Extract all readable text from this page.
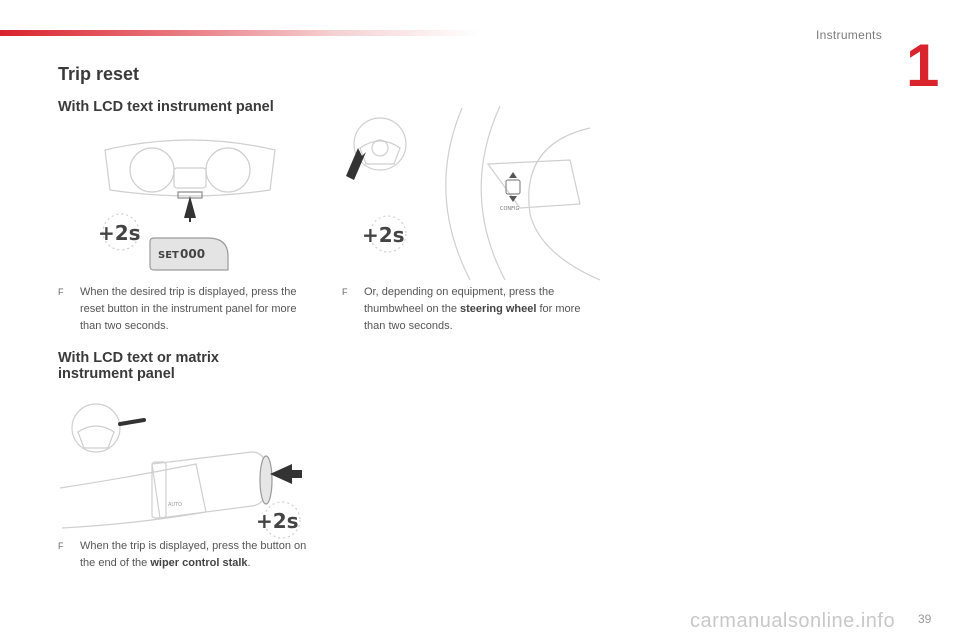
Instruments 1
Trip reset
With LCD text instrument panel
SET 000
+2s
CONFIG
+2s
F	When the desired trip is displayed, press the reset button in the instrument panel for more than two seconds.
F	Or, depending on equipment, press the thumbwheel on the steering wheel for more than two seconds.
With LCD text or matrix instrument panel
AUTO
+2s
F	When the trip is displayed, press the button on the end of the wiper control stalk.
39
carmanualsonline.info
